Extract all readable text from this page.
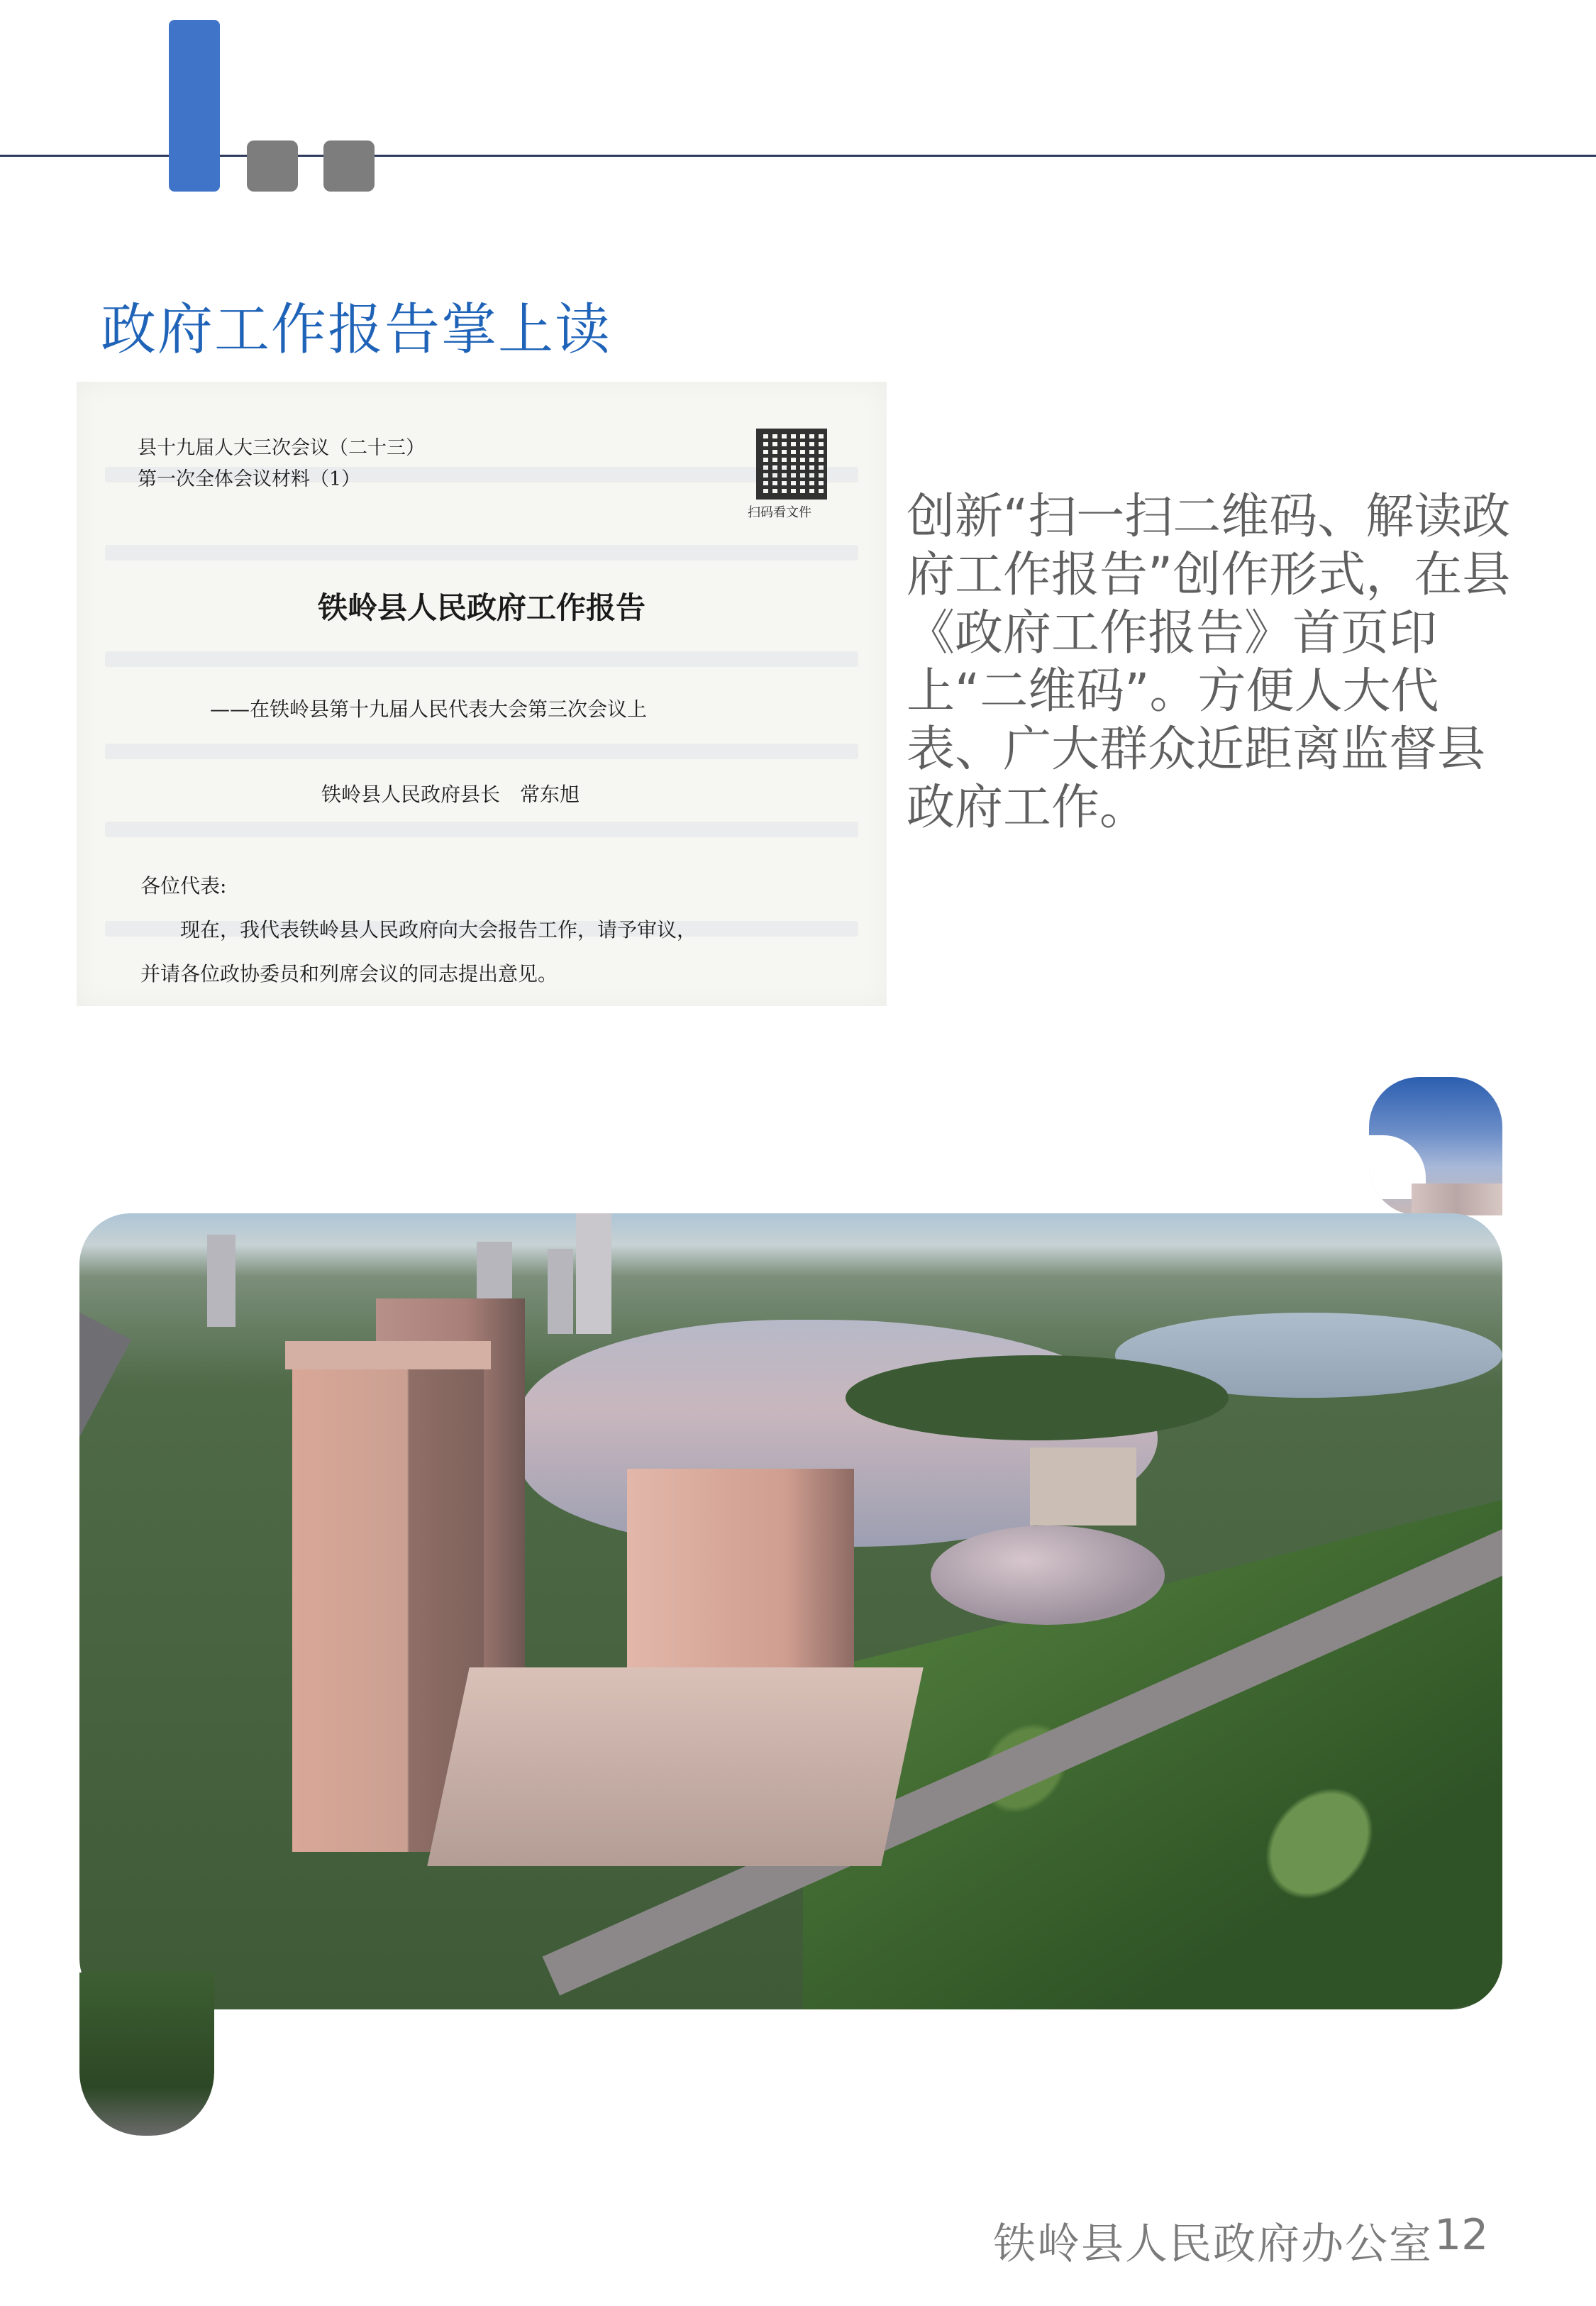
政府工作报告掌上读
县十九届人大三次会议（二十三）
第一次全体会议材料（1）
扫码看文件
铁岭县人民政府工作报告
——在铁岭县第十九届人民代表大会第三次会议上
铁岭县人民政府县长　常东旭
各位代表:
　　现在，我代表铁岭县人民政府向大会报告工作，请予审议，
并请各位政协委员和列席会议的同志提出意见。
创新“扫一扫二维码、解读政府工作报告”创作形式，在县《政府工作报告》首页印上“二维码”。方便人大代表、广大群众近距离监督县政府工作。
铁岭县人民政府办公室 12
